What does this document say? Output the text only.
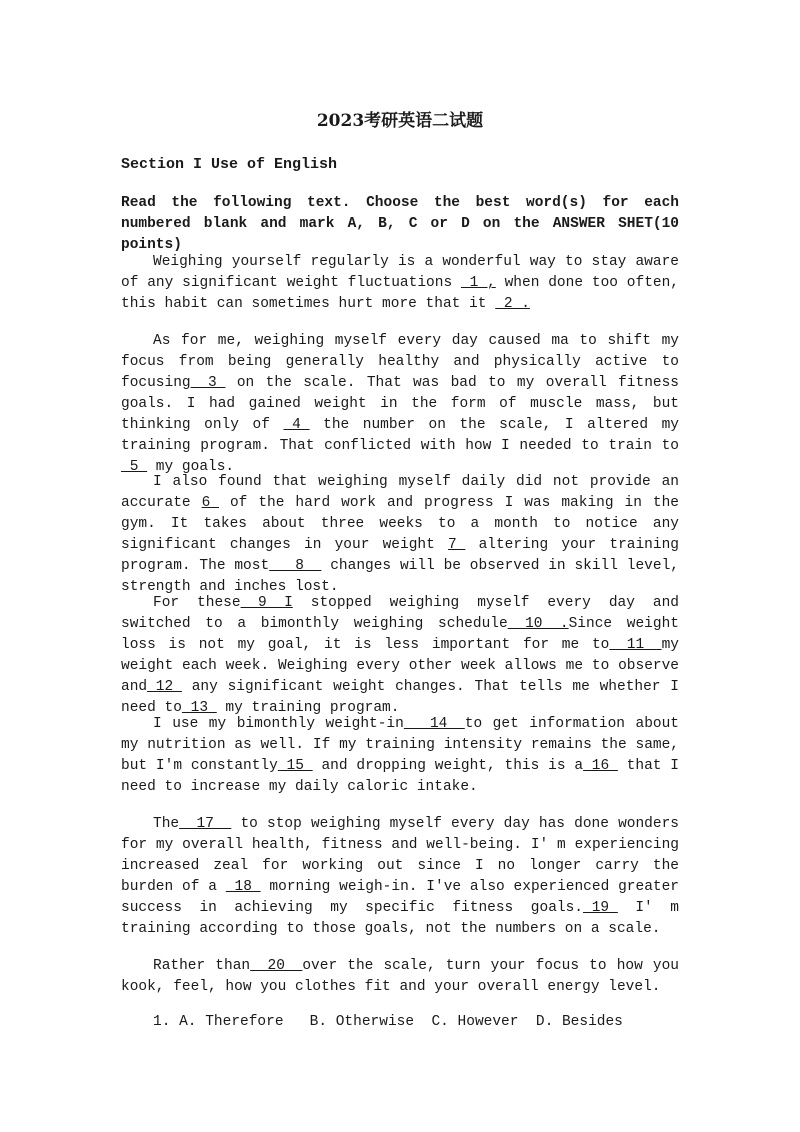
2023考研英语二试题
Section I Use of English
Read the following text. Choose the best word(s) for each numbered blank and mark A, B, C or D on the ANSWER SHET(10 points)
Weighing yourself regularly is a wonderful way to stay aware of any significant weight fluctuations  1 , when done too often, this habit can sometimes hurt more that it  2 .
As for me, weighing myself every day caused ma to shift my focus from being generally healthy and physically active to focusing  3  on the scale. That was bad to my overall fitness goals. I had gained weight in the form of muscle mass, but thinking only of  4  the number on the scale, I altered my training program. That conflicted with how I needed to train to 5  my goals.
I also found that weighing myself daily did not provide an accurate 6  of the hard work and progress I was making in the gym. It takes about three weeks to a month to notice any significant changes in your weight 7  altering your training program. The most   8   changes will be observed in skill level, strength and inches lost.
For these  9  I stopped weighing myself every day and switched to a bimonthly weighing schedule  10  .Since weight loss is not my goal, it is less important for me to  11  my weight each week. Weighing every other week allows me to observe and 12  any significant weight changes. That tells me whether I need to 13  my training program.
I use my bimonthly weight-in   14  to get information about my nutrition as well. If my training intensity remains the same, but I'm constantly 15  and dropping weight, this is a 16  that I need to increase my daily caloric intake.
The  17   to stop weighing myself every day has done wonders for my overall health, fitness and well-being. I' m experiencing increased zeal for working out since I no longer carry the burden of a  18  morning weigh-in. I've also experienced greater success in achieving my specific fitness goals. 19  I' m training according to those goals, not the numbers on a scale.
Rather than  20  over the scale, turn your focus to how you kook, feel, how you clothes fit and your overall energy level.
1. A. Therefore   B. Otherwise  C. However  D. Besides
